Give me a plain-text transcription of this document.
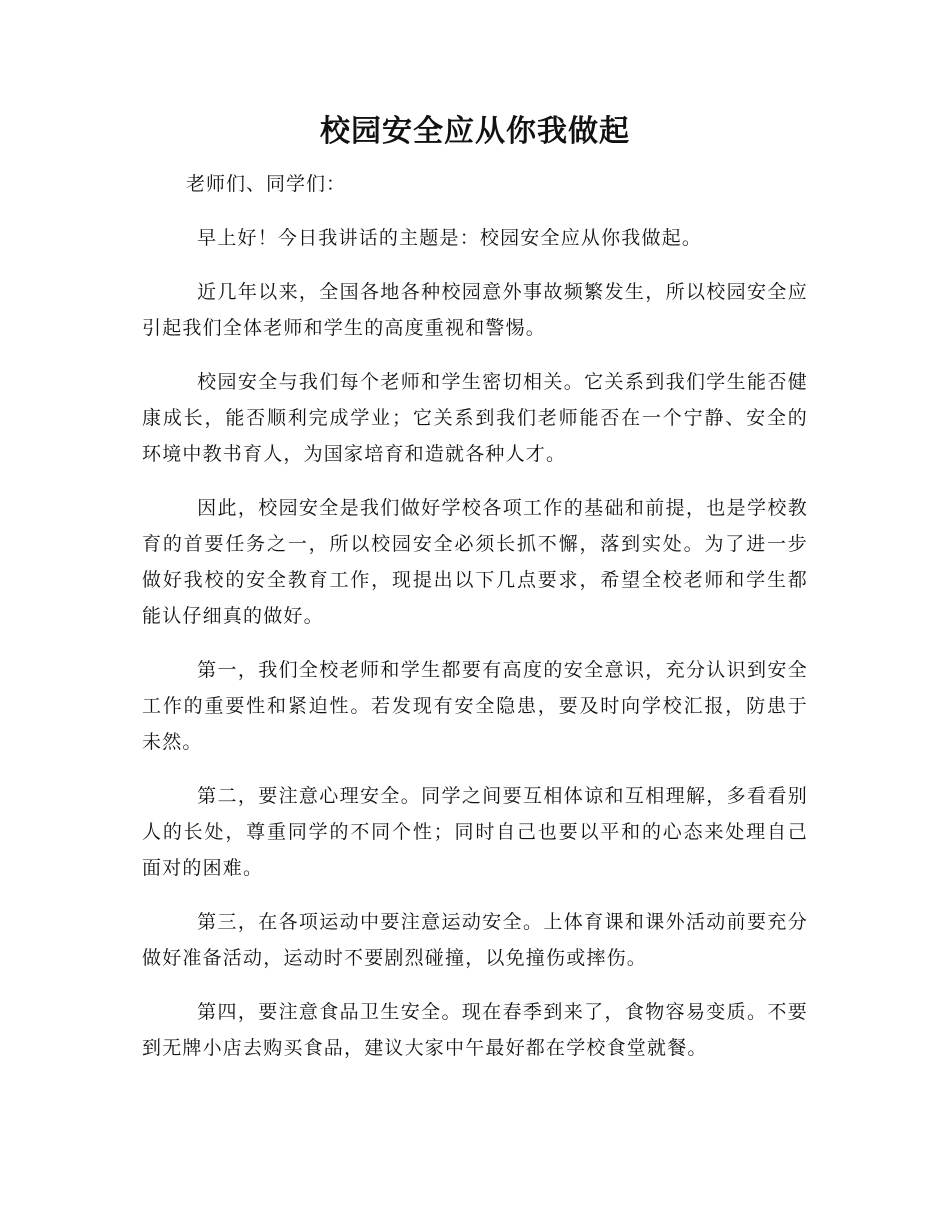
校园安全应从你我做起
老师们、同学们：

早上好！今日我讲话的主题是：校园安全应从你我做起。

近几年以来，全国各地各种校园意外事故频繁发生，所以校园安全应引起我们全体老师和学生的高度重视和警惕。

校园安全与我们每个老师和学生密切相关。它关系到我们学生能否健康成长，能否顺利完成学业；它关系到我们老师能否在一个宁静、安全的环境中教书育人，为国家培育和造就各种人才。

因此，校园安全是我们做好学校各项工作的基础和前提，也是学校教育的首要任务之一，所以校园安全必须长抓不懈，落到实处。为了进一步做好我校的安全教育工作，现提出以下几点要求，希望全校老师和学生都能认仔细真的做好。

第一，我们全校老师和学生都要有高度的安全意识，充分认识到安全工作的重要性和紧迫性。若发现有安全隐患，要及时向学校汇报，防患于未然。

第二，要注意心理安全。同学之间要互相体谅和互相理解，多看看别人的长处，尊重同学的不同个性；同时自己也要以平和的心态来处理自己面对的困难。

第三，在各项运动中要注意运动安全。上体育课和课外活动前要充分做好准备活动，运动时不要剧烈碰撞，以免撞伤或摔伤。

第四，要注意食品卫生安全。现在春季到来了，食物容易变质。不要到无牌小店去购买食品，建议大家中午最好都在学校食堂就餐。
